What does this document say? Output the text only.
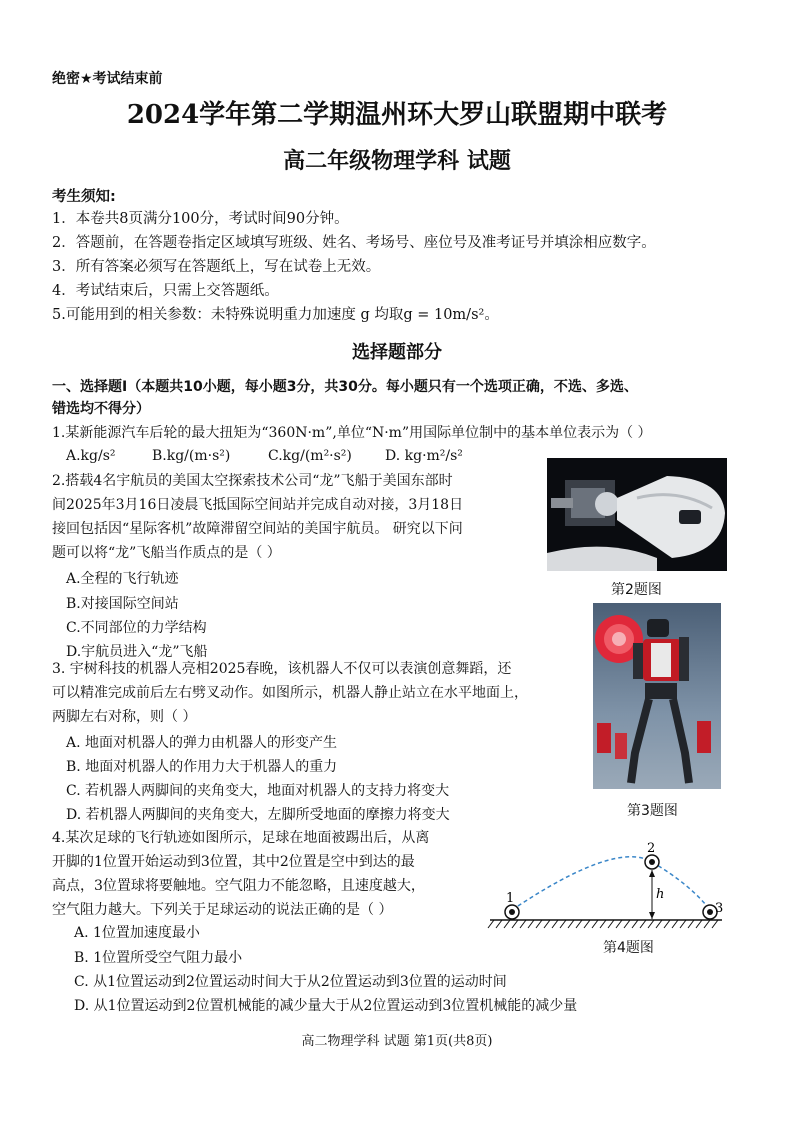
绝密★考试结束前
2024学年第二学期温州环大罗山联盟期中联考
高二年级物理学科 试题
考生须知:
1．本卷共8页满分100分，考试时间90分钟。
2．答题前，在答题卷指定区域填写班级、姓名、考场号、座位号及准考证号并填涂相应数字。
3．所有答案必须写在答题纸上，写在试卷上无效。
4．考试结束后，只需上交答题纸。
5.可能用到的相关参数：未特殊说明重力加速度 g 均取g = 10m/s²。
选择题部分
一、选择题Ⅰ（本题共10小题，每小题3分，共30分。每小题只有一个选项正确，不选、多选、
错选均不得分）
1.某新能源汽车后轮的最大扭矩为“360N·m”,单位“N·m”用国际单位制中的基本单位表示为（ ）
A.kg/s²	B.kg/(m·s²)	C.kg/(m²·s²) D. kg·m²/s²
2.搭载4名宇航员的美国太空探索技术公司“龙”飞船于美国东部时
间2025年3月16日凌晨飞抵国际空间站并完成自动对接，3月18日
接回包括因“星际客机”故障滞留空间站的美国宇航员。 研究以下问
题可以将“龙”飞船当作质点的是（ ）
A.全程的飞行轨迹
B.对接国际空间站
C.不同部位的力学结构
D.宇航员进入“龙”飞船
第2题图
第3题图
3. 宇树科技的机器人亮相2025春晚，该机器人不仅可以表演创意舞蹈，还
可以精准完成前后左右劈叉动作。如图所示，机器人静止站立在水平地面上，
两脚左右对称，则（ ）
A. 地面对机器人的弹力由机器人的形变产生
B. 地面对机器人的作用力大于机器人的重力
C. 若机器人两脚间的夹角变大，地面对机器人的支持力将变大
D. 若机器人两脚间的夹角变大，左脚所受地面的摩擦力将变大
4.某次足球的飞行轨迹如图所示，足球在地面被踢出后，从离
开脚的1位置开始运动到3位置，其中2位置是空中到达的最
高点，3位置球将要触地。空气阻力不能忽略，且速度越大，
空气阻力越大。下列关于足球运动的说法正确的是（ ）
A. 1位置加速度最小
B. 1位置所受空气阻力最小
C. 从1位置运动到2位置运动时间大于从2位置运动到3位置的运动时间
D. 从1位置运动到2位置机械能的减少量大于从2位置运动到3位置机械能的减少量
1
2
3
h
第4题图
高二物理学科 试题 第1页(共8页)
